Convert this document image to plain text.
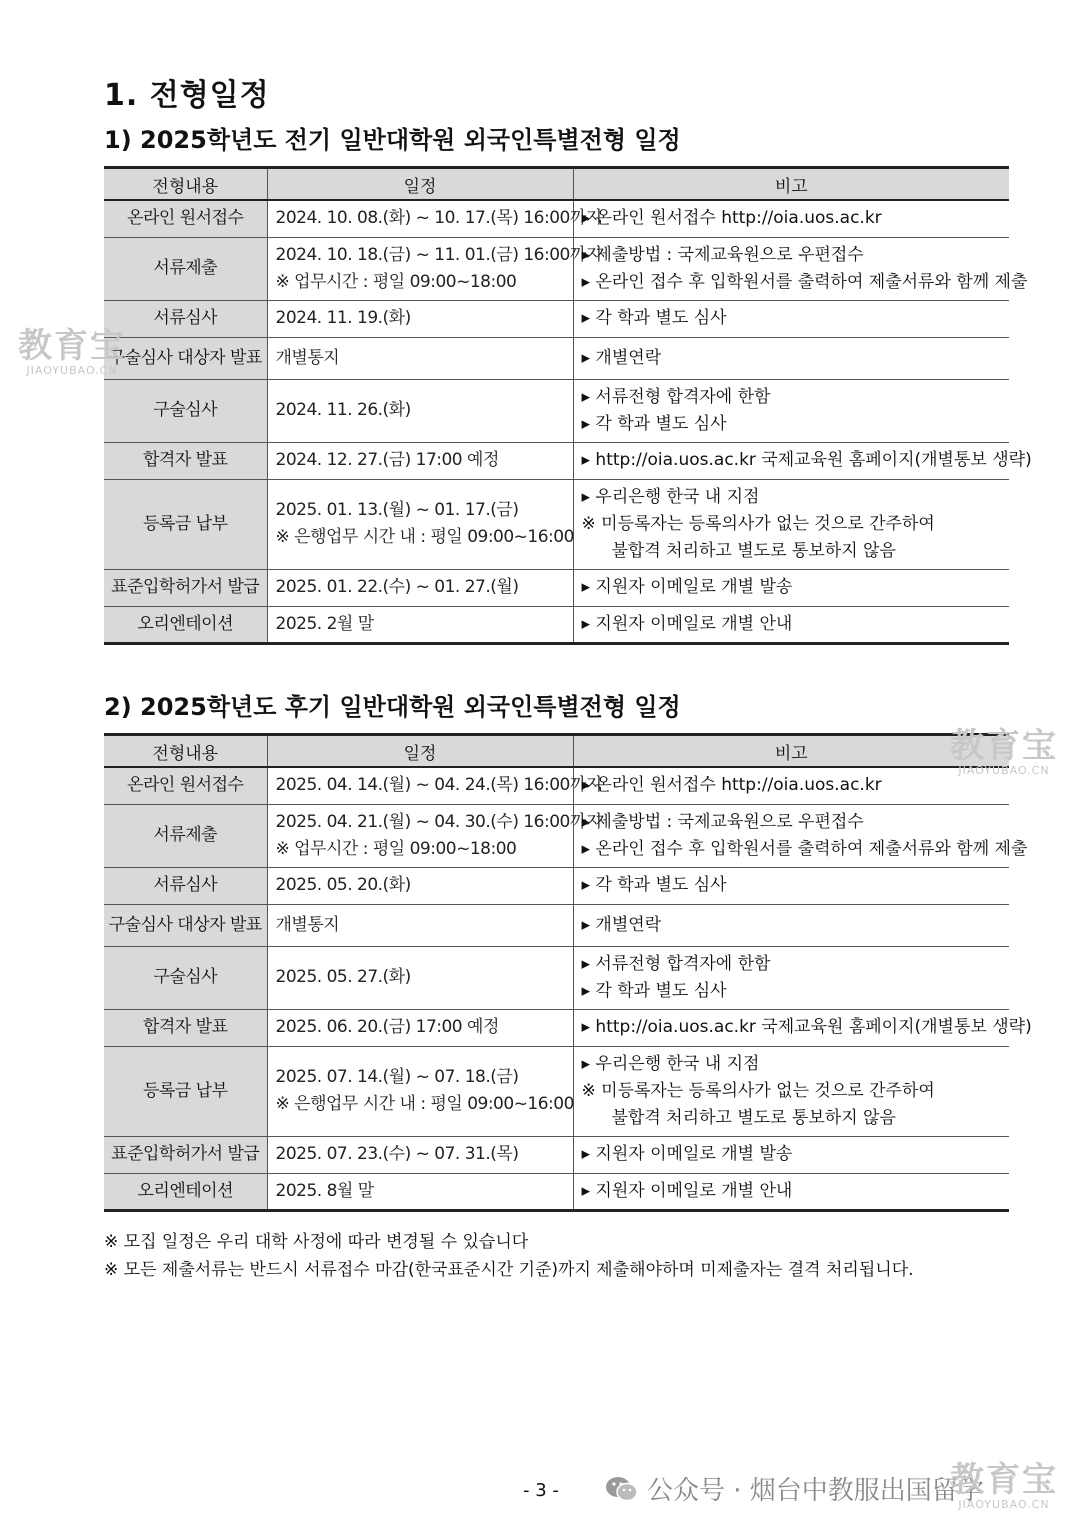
1. 전형일정
1) 2025학년도 전기 일반대학원 외국인특별전형 일정
전형내용	일정	비고
온라인 원서접수	2024. 10. 08.(화) ~ 10. 17.(목) 16:00까지	▸ 온라인 원서접수 http://oia.uos.ac.kr

서류제출	2024. 10. 18.(금) ~ 11. 01.(금) 16:00까지
※ 업무시간 : 평일 09:00~18:00	▸ 제출방법 : 국제교육원으로 우편접수
▸ 온라인 접수 후 입학원서를 출력하여 제출서류와 함께 제출

서류심사	2024. 11. 19.(화)	▸ 각 학과 별도 심사

구술심사 대상자 발표	개별통지	▸ 개별연락

구술심사	2024. 11. 26.(화)	▸ 서류전형 합격자에 한함
▸ 각 학과 별도 심사

합격자 발표	2024. 12. 27.(금) 17:00 예정	▸ http://oia.uos.ac.kr 국제교육원 홈페이지(개별통보 생략)

등록금 납부	2025. 01. 13.(월) ~ 01. 17.(금)
※ 은행업무 시간 내 : 평일 09:00~16:00	▸ 우리은행 한국 내 지점
※ 미등록자는 등록의사가 없는 것으로 간주하여
불합격 처리하고 별도로 통보하지 않음

표준입학허가서 발급	2025. 01. 22.(수) ~ 01. 27.(월)	▸ 지원자 이메일로 개별 발송

오리엔테이션	2025. 2월 말	▸ 지원자 이메일로 개별 안내
2) 2025학년도 후기 일반대학원 외국인특별전형 일정
전형내용	일정	비고
온라인 원서접수	2025. 04. 14.(월) ~ 04. 24.(목) 16:00까지	▸ 온라인 원서접수 http://oia.uos.ac.kr

서류제출	2025. 04. 21.(월) ~ 04. 30.(수) 16:00까지
※ 업무시간 : 평일 09:00~18:00	▸ 제출방법 : 국제교육원으로 우편접수
▸ 온라인 접수 후 입학원서를 출력하여 제출서류와 함께 제출

서류심사	2025. 05. 20.(화)	▸ 각 학과 별도 심사

구술심사 대상자 발표	개별통지	▸ 개별연락

구술심사	2025. 05. 27.(화)	▸ 서류전형 합격자에 한함
▸ 각 학과 별도 심사

합격자 발표	2025. 06. 20.(금) 17:00 예정	▸ http://oia.uos.ac.kr 국제교육원 홈페이지(개별통보 생략)

등록금 납부	2025. 07. 14.(월) ~ 07. 18.(금)
※ 은행업무 시간 내 : 평일 09:00~16:00	▸ 우리은행 한국 내 지점
※ 미등록자는 등록의사가 없는 것으로 간주하여
불합격 처리하고 별도로 통보하지 않음

표준입학허가서 발급	2025. 07. 23.(수) ~ 07. 31.(목)	▸ 지원자 이메일로 개별 발송

오리엔테이션	2025. 8월 말	▸ 지원자 이메일로 개별 안내
※ 모집 일정은 우리 대학 사정에 따라 변경될 수 있습니다
※ 모든 제출서류는 반드시 서류접수 마감(한국표준시간 기준)까지 제출해야하며 미제출자는 결격 처리됩니다.
- 3 -	公众号 · 烟台中教服出国留学
教育宝
JIAOYUBAO.CN
教育宝
JIAOYUBAO.CN
教育宝
JIAOYUBAO.CN
